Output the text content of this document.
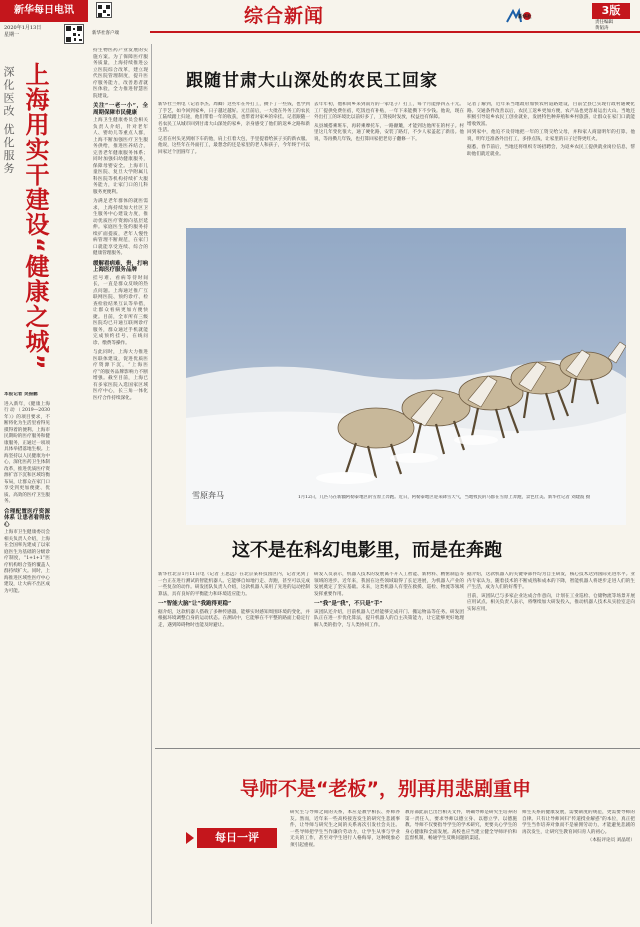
新华每日电讯
2020年1月13日
星期一	新华社客户端
综合新闻	新华社
3版
责任编辑
黄韬涛
深化医改 优化服务 上海用实干建设“健康之城”
本报记者 吴振鹏
进入新年，《健康上海行动（2019—2030年）》的项目要求，不断将化为生活里看得见摸得着的便利。上海市民期盼的医疗服务和健康服务，正通过一项项具体举措落地生根。上海坚持以人民健康为中心，深化医药卫生体制改革，推进优质医疗资源扩容下沉和区域均衡布局，让群众在家门口享受到更加便捷、优质、高效的医疗卫生服务。
合理配置医疗资源体系 让患者看得放心
上海市卫生健康委员会相关负责人介绍，上海在全国率先建成了以家庭医生为基础的分级诊疗制度，“1+1+1”医疗机构组合签约覆盖人群持续扩大。同时，上海推进区域性医疗中心建设，让大病不出区成为可能。
持生物医药产业发展的实施方案。为了保障医疗服务质量，上海持续推进公立医院综合改革，建立现代医院管理制度，提升医疗服务能力，改善患者就医体验，全力推进智慧医院建设。
关注“一老一小”，全周期保障市民健康
上海卫生健康委员会相关负责人介绍，针对老年人、婴幼儿等重点人群，上海不断加强医疗卫生服务供给，推进医养结合，完善老年健康服务体系；同时加强妇幼健康服务，保障母婴安全。上海市儿童医院、复旦大学附属儿科医院等机构持续扩大服务能力，让家门口的儿科服务更便利。
为满足老年群体的就医需求，上海持续加大社区卫生服务中心建设力度，推动优质医疗资源向基层延伸。家庭医生签约服务持续扩面提质，老年人慢性病管理不断规范，在家门口就能享受连续、综合的健康管理服务。
缓解看病难，贵，打响上海医疗服务品牌
挂号难、看病等待时间长，一直是群众反映的热点问题。上海通过推广互联网医院、预约诊疗、检查检验结果互认等举措，让群众看病更加方便快捷。目前，全市所有三级医院均已开通互联网诊疗服务，群众通过手机就能完成预约挂号、在线问诊、缴费等操作。
与此同时，上海大力推进医联体建设，促进优质医疗资源下沉，“上海医疗”的服务品牌影响力不断增强。截至目前，上海已有多家医院入选国家区域医疗中心，长三角一体化医疗合作持续深化。
跟随甘肃大山深处的农民工回家
新华社兰州电（记者李杰、周卿）这些年在外打工，攒下了一些钱，也学到了手艺，如今回到家乡，日子越过越好。元旦前后，一大批在外务工的农民工陆续踏上归途，他们带着一年的收获，也带着对家乡的牵挂。记者跟随一名农民工从城市回到甘肃大山深处的家乡，亲身感受了他们的返乡之路和新生活。
记者在村头见到刚下车的他，肩上扛着大包，手里提着给孩子买的新衣服。他说，这些年在外面打工，最想念的还是家里的老人和孩子，今年终于可以回家过个团圆年了。
去年年初，他和同乡来到南方的一家电子厂打工，每个月能挣四五千元。工厂提供免费住宿，吃饭也有补贴，一年下来能攒下不少钱。他说，现在外出打工的环境比以前好多了，工资按时发放，权益也有保障。
从县城搭乘班车，再转乘摩托车，一路颠簸，才能到达他所在的村子。村里这几年变化很大，通了硬化路，安装了路灯，不少人家盖起了新房。他说，等再攒几年钱，也打算回家把老房子翻修一下。
记者了解到，近年来当地政府加快农村道路建设，目前全县已实现行政村通硬化路。交通条件改善以后，农民工返乡更加方便，农产品也更容易运出大山。当地还积极引导返乡农民工创业就业，发展特色种养殖和乡村旅游，让群众在家门口就能增收致富。
回到家中，他迫不及待地把一年的工资交给父母，并和家人商量明年的打算。他说，明年还准备外出打工，多挣点钱，让家里的日子过得更红火。
据悉，春节前后，当地还将组织专场招聘会，为返乡农民工提供就业岗位信息，帮助他们就近就业。
雪原奔马	1月12日，几匹马在新疆阿勒泰地区的雪原上奔跑。近日，阿勒泰地区迎来降雪天气，当地牧民的马群在雪原上奔跑，景色壮美。新华社记者 刘建波 摄
这不是在科幻电影里，而是在奔跑
新华社北京1月11日电（记者 王思远）在北京某科技园区内，记者见到了一台正在进行测试的智能机器人。它能够自如地行走、奔跑，甚至可以完成一些复杂的动作。研发团队负责人介绍，这款机器人采用了先进的运动控制算法，具有良好的平衡能力和环境适应能力。
一“智能大脑”让“我跑得更稳”
据介绍，这款机器人搭载了多种传感器，能够实时感知周围环境的变化，并根据环境调整自身的运动状态。在测试中，它能够在不平整的路面上稳定行走，遇到障碍物时也能及时避让。
研发人员表示，机器人技术的发展离不开人工智能、新材料、精密制造等领域的进步。近年来，我国在这些领域取得了长足进展，为机器人产业的发展奠定了坚实基础。未来，这类机器人有望在救援、巡检、物流等领域发挥重要作用。
一“我”是“我”，不只是“手”
该团队还介绍，目前机器人已经能够完成开门、搬运物品等任务。研发团队正在进一步优化算法，提升机器人的自主决策能力，让它能够更好地理解人类的指令，与人类协同工作。
据介绍，这款机器人的关键零部件均为自主研发，核心技术达到国际先进水平。业内专家认为，随着技术的不断成熟和成本的下降，智能机器人将逐步走进人们的生产生活，成为人们的好帮手。
目前，该团队已与多家企业达成合作意向，计划在工业巡检、仓储物流等场景开展应用试点。相关负责人表示，将继续加大研发投入，推动机器人技术从实验室走向实际应用。
导师不是“老板”，别再用悲剧重申
每日一评
研究生与导师之间的关系，本应是教学相长、亦师亦友。然而，近年来一些高校接连发生的研究生悲剧事件，让导师与研究生之间的关系再次引发社会关注。一些导师把学生当作廉价劳动力，让学生从事与学业无关的工作，甚至对学生进行人格侮辱，这种现象必须引起重视。
教育部此前已出台相关文件，明确导师是研究生培养的第一责任人，要求导师以德立身、以德立学、以德施教。导师不仅要指导学生的学术研究，更要关心学生的身心健康和全面发展。高校也应当建立健全导师评价和监督机制，畅通学生反映问题的渠道。
师生关系的健康发展，需要制度的规范，更需要导师的自律。只有让导师回归“传道授业解惑”的本位，真正把学生当作培养对象而不是雇佣劳动力，才能避免悲剧的再次发生，让研究生教育回归育人的初心。
（本报评论员 刘晶瑶）
